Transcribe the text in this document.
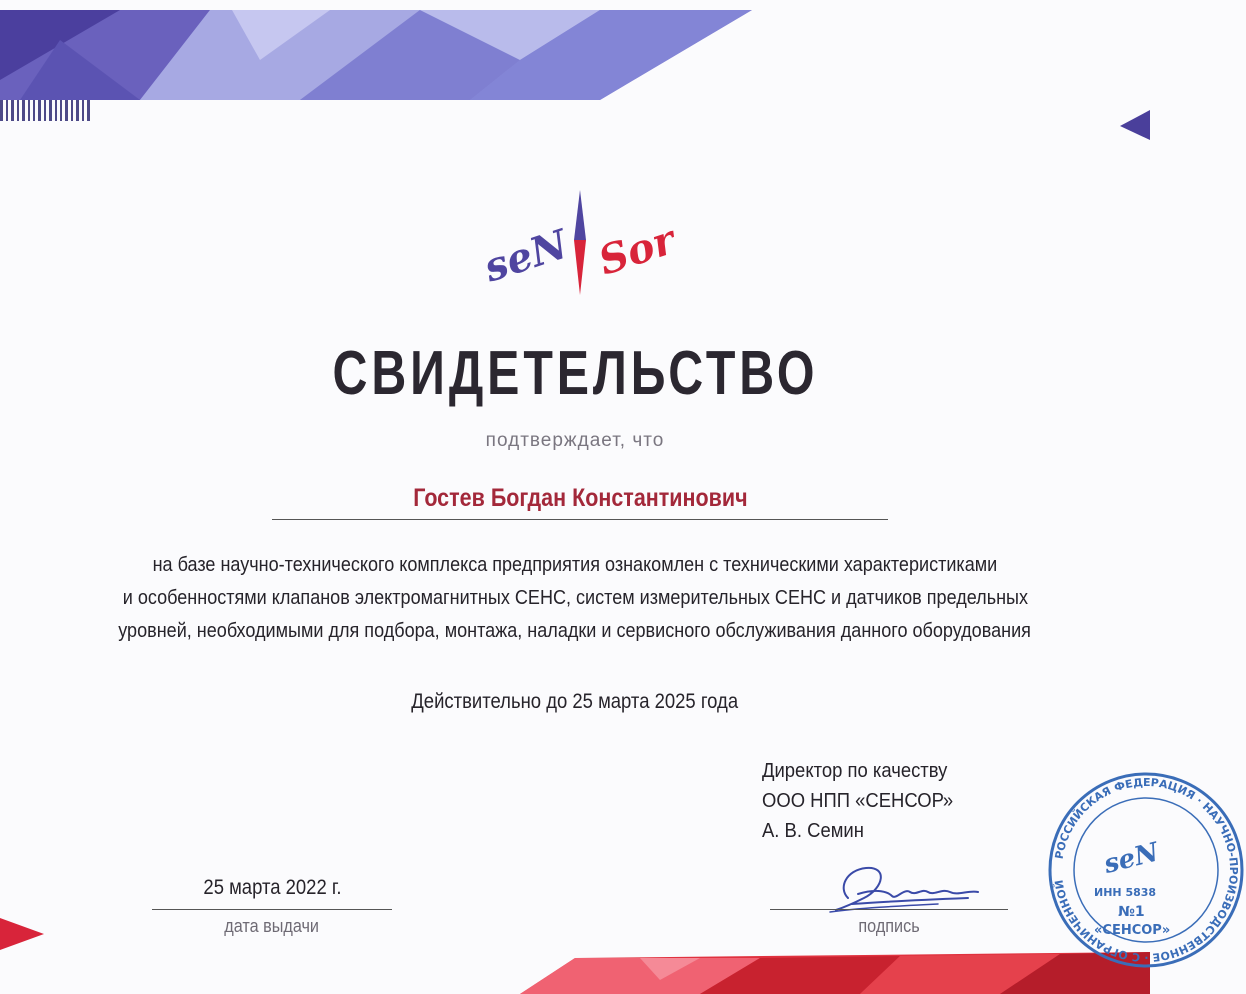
seN Sor
СВИДЕТЕЛЬСТВО
подтверждает, что
Гостев Богдан Константинович
на базе научно-технического комплекса предприятия ознакомлен с техническими характеристиками
и особенностями клапанов электромагнитных СЕНС, систем измерительных СЕНС и датчиков предельных
уровней, необходимыми для подбора, монтажа, наладки и сервисного обслуживания данного оборудования
Действительно до 25 марта 2025 года
Директор по качеству
ООО НПП «СЕНСОР»
А. В. Семин
25 марта 2022 г.
дата выдачи	подпись
РОССИЙСКАЯ ФЕДЕРАЦИЯ · НАУЧНО-ПРОИЗВОДСТВЕННОЕ · С ОГРАНИЧЕННОЙ
seN
ИНН 5838
№1
«СЕНСОР»
